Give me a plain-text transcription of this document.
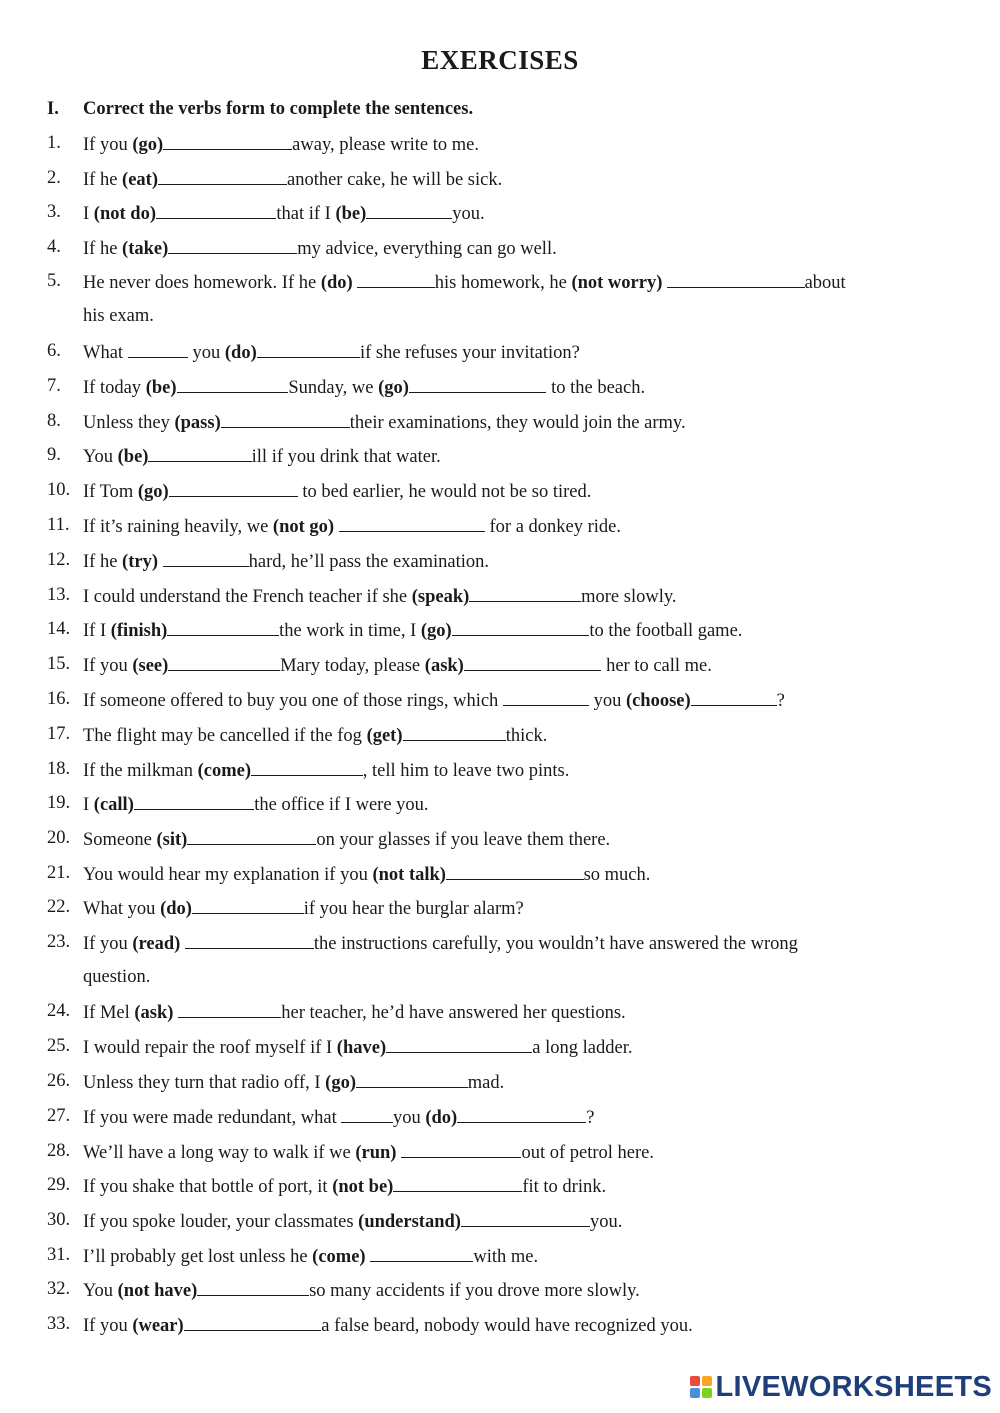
EXERCISES
I. Correct the verbs form to complete the sentences.
1. If you (go)	away, please write to me.
2. If he (eat)	another cake, he will be sick.
3. I (not do)	that if I (be)	you.
4. If he (take)	my advice, everything can go well.
5. He never does homework. If he (do)	his homework, he (not worry)	about
his exam.
6. What	you (do)	if she refuses your invitation?
7. If today (be)	Sunday, we (go)	to the beach.
8. Unless they (pass)	their examinations, they would join the army.
9. You (be)	ill if you drink that water.
10. If Tom (go)	to bed earlier, he would not be so tired.
11. If it’s raining heavily, we (not go)	for a donkey ride.
12. If he (try)	hard, he’ll pass the examination.
13. I could understand the French teacher if she (speak)	more slowly.
14. If I (finish)	the work in time, I (go)	to the football game.
15. If you (see)	Mary today, please (ask)	her to call me.
16. If someone offered to buy you one of those rings, which	you (choose)	?
17. The flight may be cancelled if the fog (get)	thick.
18. If the milkman (come)	, tell him to leave two pints.
19. I (call)	the office if I were you.
20. Someone (sit)	on your glasses if you leave them there.
21. You would hear my explanation if you (not talk)	so much.
22. What you (do)	if you hear the burglar alarm?
23. If you (read)	the instructions carefully, you wouldn’t have answered the wrong
question.
24. If Mel (ask)	her teacher, he’d have answered her questions.
25. I would repair the roof myself if I (have)	a long ladder.
26. Unless they turn that radio off, I (go)	mad.
27. If you were made redundant, what	you (do)	?
28. We’ll have a long way to walk if we (run)	out of petrol here.
29. If you shake that bottle of port, it (not be)	fit to drink.
30. If you spoke louder, your classmates (understand)	you.
31. I’ll probably get lost unless he (come)	with me.
32. You (not have)	so many accidents if you drove more slowly.
33. If you (wear)	a false beard, nobody would have recognized you.
LIVEWORKSHEETS
